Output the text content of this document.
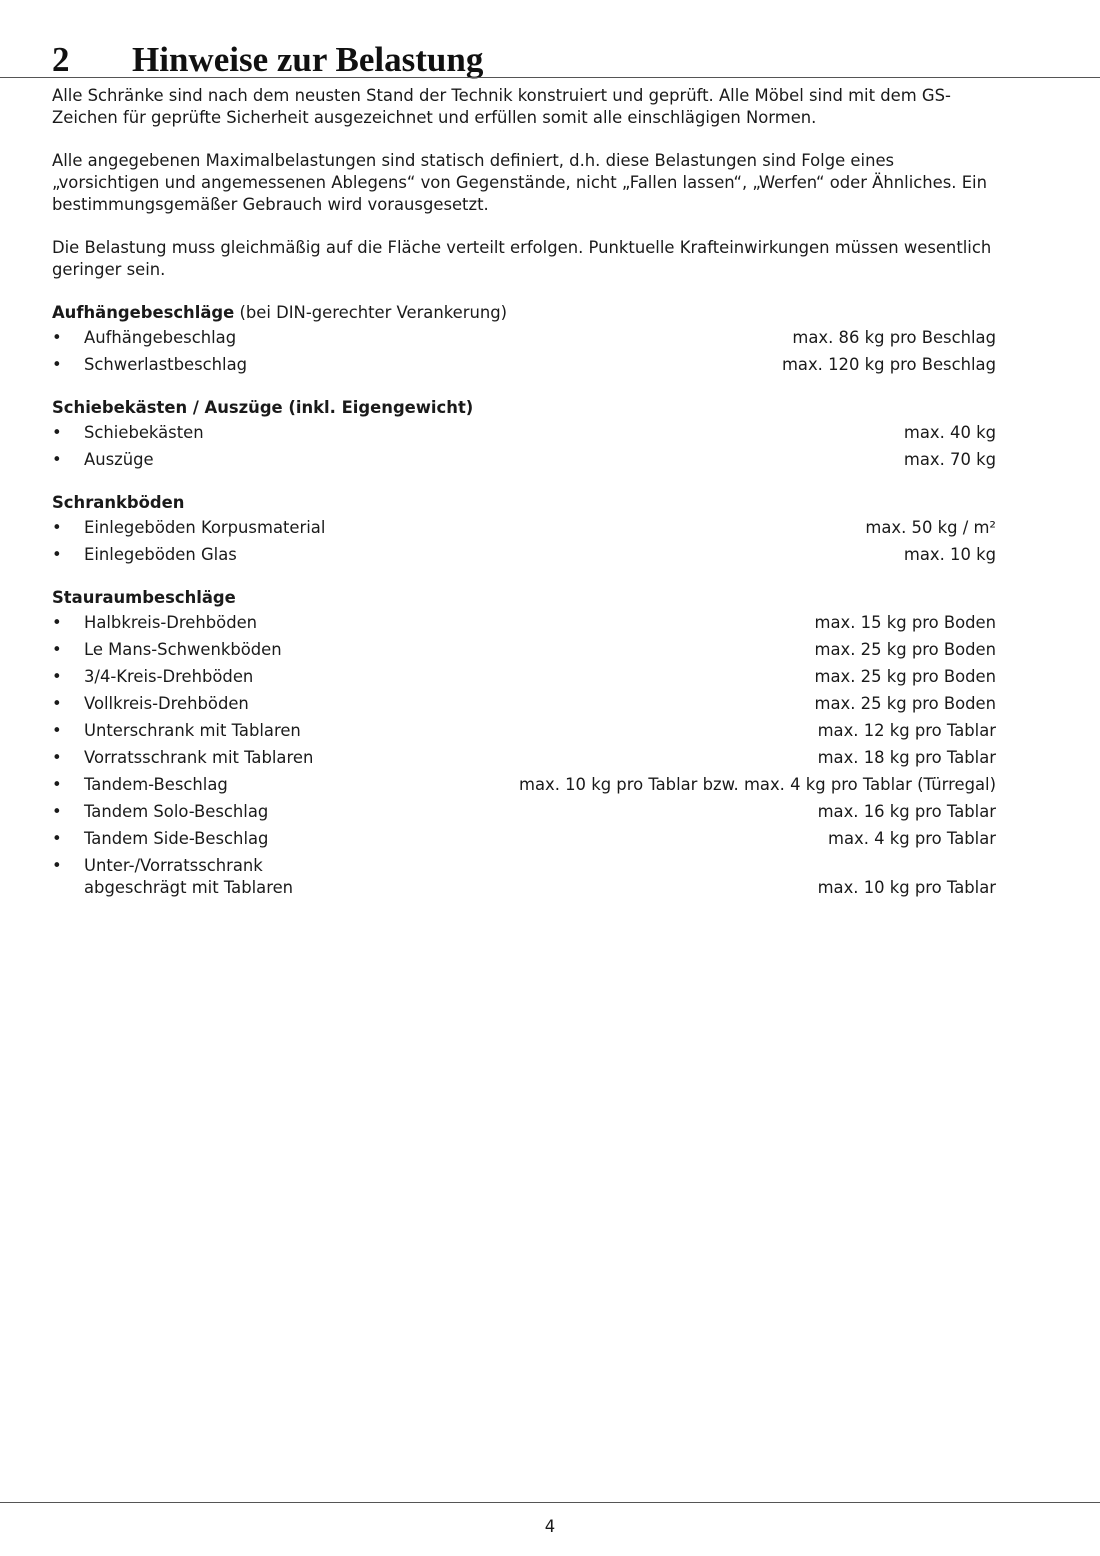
2 Hinweise zur Belastung

Alle Schränke sind nach dem neusten Stand der Technik konstruiert und geprüft. Alle Möbel sind mit dem GS-Zeichen für geprüfte Sicherheit ausgezeichnet und erfüllen somit alle einschlägigen Normen.

Alle angegebenen Maximalbelastungen sind statisch definiert, d.h. diese Belastungen sind Folge eines „vorsichtigen und angemessenen Ablegens“ von Gegenstände, nicht „Fallen lassen“, „Werfen“ oder Ähnliches. Ein bestimmungsgemäßer Gebrauch wird vorausgesetzt.

Die Belastung muss gleichmäßig auf die Fläche verteilt erfolgen. Punktuelle Krafteinwirkungen müssen wesentlich geringer sein.

Aufhängebeschläge (bei DIN-gerechter Verankerung)
•	Aufhängebeschlag	max. 86 kg pro Beschlag
•	Schwerlastbeschlag	max. 120 kg pro Beschlag
Schiebekästen / Auszüge (inkl. Eigengewicht)
•	Schiebekästen	max. 40 kg
•	Auszüge	max. 70 kg
Schrankböden
•	Einlegeböden Korpusmaterial	max. 50 kg / m²
•	Einlegeböden Glas	max. 10 kg
Stauraumbeschläge
•	Halbkreis-Drehböden	max. 15 kg pro Boden
•	Le Mans-Schwenkböden	max. 25 kg pro Boden
•	3/4-Kreis-Drehböden	max. 25 kg pro Boden
•	Vollkreis-Drehböden	max. 25 kg pro Boden
•	Unterschrank mit Tablaren	max. 12 kg pro Tablar
•	Vorratsschrank mit Tablaren	max. 18 kg pro Tablar
•	Tandem-Beschlag	max. 10 kg pro Tablar bzw. max. 4 kg pro Tablar (Türregal)
•	Tandem Solo-Beschlag	max. 16 kg pro Tablar
•	Tandem Side-Beschlag	max. 4 kg pro Tablar
•	Unter-/Vorratsschrank
abgeschrägt mit Tablaren	max. 10 kg pro Tablar
4
